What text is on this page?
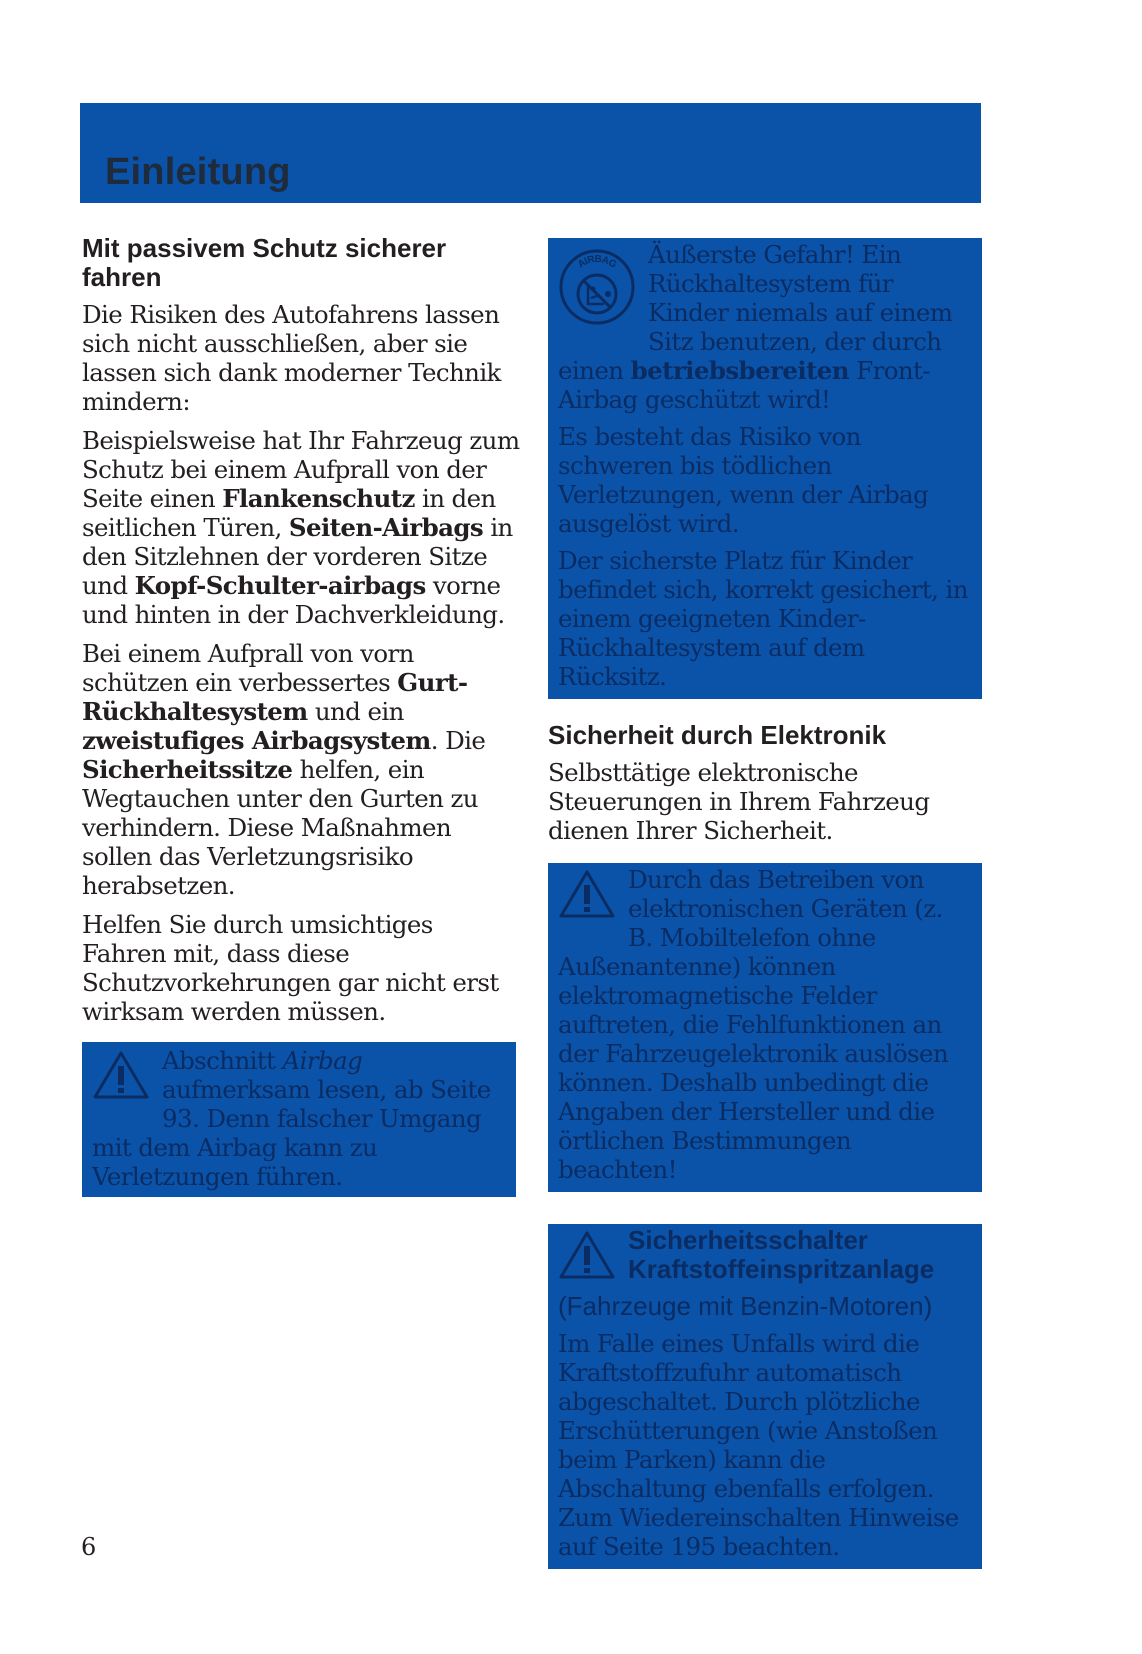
Einleitung
Mit passivem Schutz sicherer fahren

Die Risiken des Autofahrens lassen sich nicht ausschließen, aber sie lassen sich dank moderner Technik mindern:

Beispielsweise hat Ihr Fahrzeug zum Schutz bei einem Aufprall von der Seite einen Flankenschutz in den seitlichen Türen, Seiten-Airbags in den Sitzlehnen der vorderen Sitze und Kopf-Schulter-airbags vorne und hinten in der Dachverkleidung.

Bei einem Aufprall von vorn schützen ein verbessertes Gurt-Rückhaltesystem und ein zweistufiges Airbagsystem. Die Sicherheitssitze helfen, ein Wegtauchen unter den Gurten zu verhindern. Diese Maßnahmen sollen das Verletzungsrisiko herabsetzen.

Helfen Sie durch umsichtiges Fahren mit, dass diese Schutzvorkehrungen gar nicht erst wirksam werden müssen.

Abschnitt Airbag aufmerksam lesen, ab Seite 93. Denn falscher Umgang mit dem Airbag kann zu Verletzungen führen.

AIRBAG	Äußerste Gefahr! Ein Rückhaltesystem für Kinder niemals auf einem Sitz benutzen, der durch einen betriebsbereiten Front-Airbag geschützt wird!

Es besteht das Risiko von schweren bis tödlichen Verletzungen, wenn der Airbag ausgelöst wird.

Der sicherste Platz für Kinder befindet sich, korrekt gesichert, in einem geeigneten Kinder-Rückhaltesystem auf dem Rücksitz.

Sicherheit durch Elektronik

Selbsttätige elektronische Steuerungen in Ihrem Fahrzeug dienen Ihrer Sicherheit.

Durch das Betreiben von elektronischen Geräten (z. B. Mobiltelefon ohne Außenantenne) können elektromagnetische Felder auftreten, die Fehlfunktionen an der Fahrzeugelektronik auslösen können. Deshalb unbedingt die Angaben der Hersteller und die örtlichen Bestimmungen beachten!

Sicherheitsschalter Kraftstoffeinspritzanlage

(Fahrzeuge mit Benzin-Motoren)

Im Falle eines Unfalls wird die Kraftstoffzufuhr automatisch abgeschaltet. Durch plötzliche Erschütterungen (wie Anstoßen beim Parken) kann die Abschaltung ebenfalls erfolgen. Zum Wiedereinschalten Hinweise auf Seite 195 beachten.

6
